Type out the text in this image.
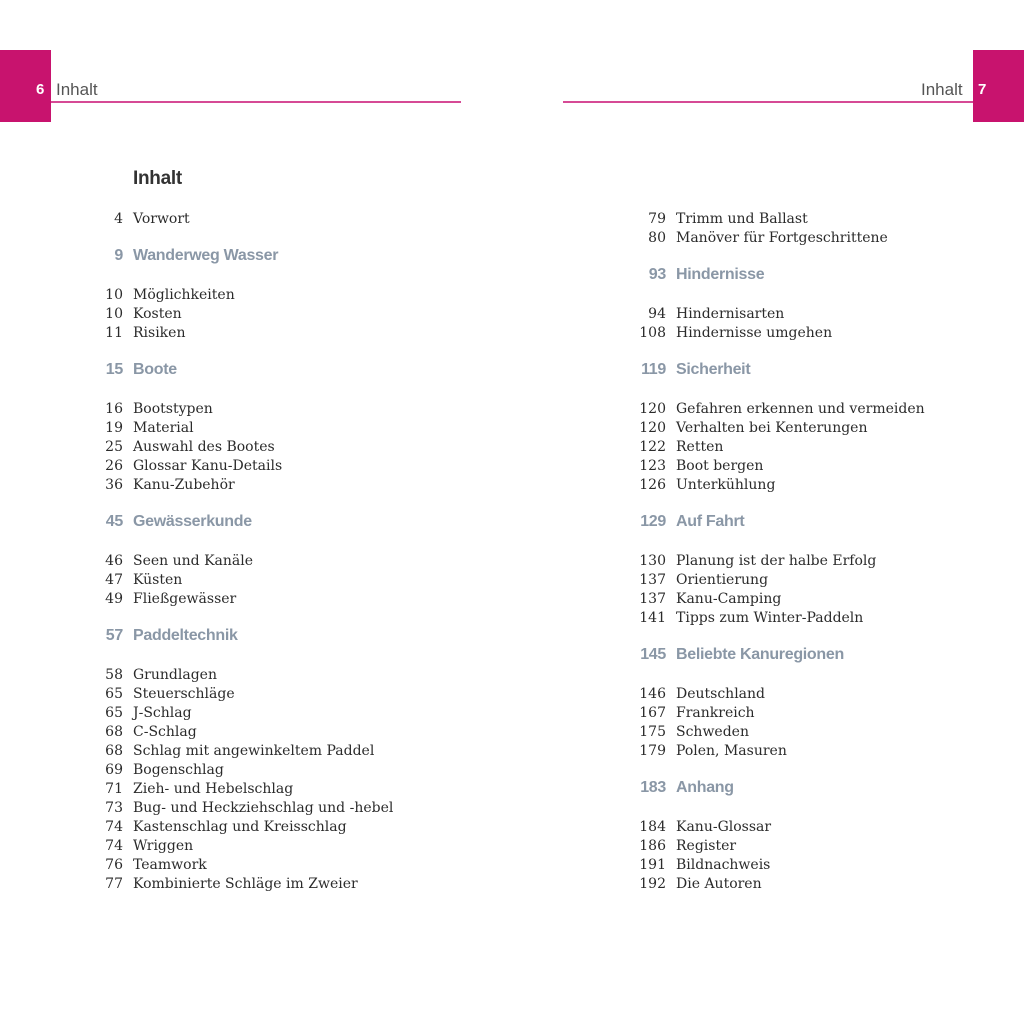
6 Inhalt	Inhalt 7
Inhalt
4 Vorwort
9 Wanderweg Wasser
10 Möglichkeiten
10 Kosten
11 Risiken
15 Boote
16 Bootstypen
19 Material
25 Auswahl des Bootes
26 Glossar Kanu-Details
36 Kanu-Zubehör
45 Gewässerkunde
46 Seen und Kanäle
47 Küsten
49 Fließgewässer
57 Paddeltechnik
58 Grundlagen
65 Steuerschläge
65 J-Schlag
68 C-Schlag
68 Schlag mit angewinkeltem Paddel
69 Bogenschlag
71 Zieh- und Hebelschlag
73 Bug- und Heckziehschlag und -hebel
74 Kastenschlag und Kreisschlag
74 Wriggen
76 Teamwork
77 Kombinierte Schläge im Zweier
79 Trimm und Ballast
80 Manöver für Fortgeschrittene
93 Hindernisse
94 Hindernisarten
108 Hindernisse umgehen
119 Sicherheit
120 Gefahren erkennen und vermeiden
120 Verhalten bei Kenterungen
122 Retten
123 Boot bergen
126 Unterkühlung
129 Auf Fahrt
130 Planung ist der halbe Erfolg
137 Orientierung
137 Kanu-Camping
141 Tipps zum Winter-Paddeln
145 Beliebte Kanuregionen
146 Deutschland
167 Frankreich
175 Schweden
179 Polen, Masuren
183 Anhang
184 Kanu-Glossar
186 Register
191 Bildnachweis
192 Die Autoren
